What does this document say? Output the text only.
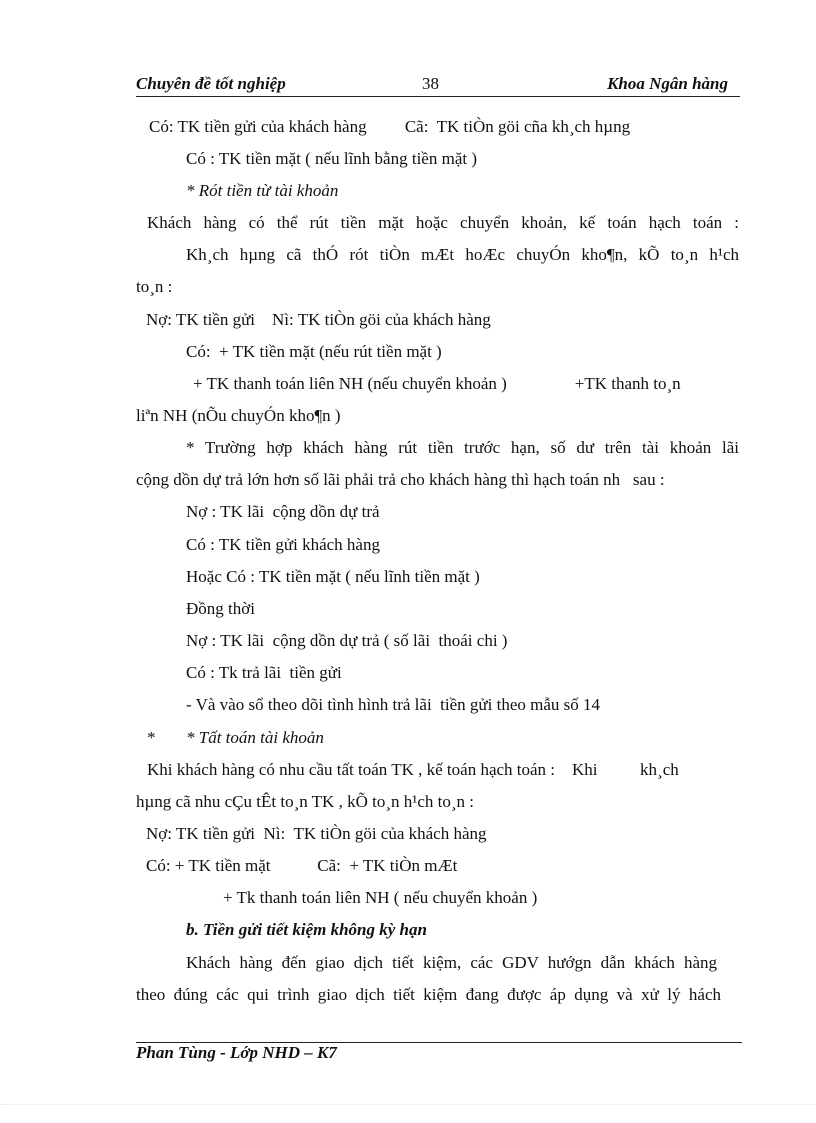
Chuyên đề tốt nghiệp	38	Khoa Ngân hàng
Có: TK tiền gửi của khách hàng         Cã:  TK tiÒn göi cña kh¸ch hµng
Có : TK tiền mặt ( nếu lĩnh bằng tiền mặt )
* Rót tiền từ tài khoản
Khách hàng có thể rút tiền mặt hoặc chuyển khoản, kế toán hạch toán :
Kh¸ch hµng cã thÓ rót tiÒn mÆt hoÆc chuyÓn kho¶n, kÕ to¸n h¹ch
to¸n :
Nợ: TK tiền gửi    Nì: TK tiÒn göi của khách hàng
Có:  + TK tiền mặt (nếu rút tiền mặt )
+ TK thanh toán liên NH (nếu chuyển khoản )                +TK thanh to¸n
liªn NH (nÕu chuyÓn kho¶n )
* Trường hợp khách hàng rút tiền trước hạn, số dư trên tài khoản lãi
cộng dồn dự trả lớn hơn số lãi phải trả cho khách hàng thì hạch toán nh   sau :
Nợ : TK lãi  cộng dồn dự trả
Có : TK tiền gửi khách hàng
Hoặc Có : TK tiền mặt ( nếu lĩnh tiền mặt )
Đồng thời
Nợ : TK lãi  cộng dồn dự trả ( số lãi  thoái chi )
Có : Tk trả lãi  tiền gửi
- Và vào sổ theo dõi tình hình trả lãi  tiền gửi theo mẫu số 14
* * Tất toán tài khoản
Khi khách hàng có nhu cầu tất toán TK , kế toán hạch toán :    Khi          kh¸ch
hµng cã nhu cÇu tÊt to¸n TK , kÕ to¸n h¹ch to¸n :
Nợ: TK tiền gửi  Nì:  TK tiÒn göi của khách hàng
Có: + TK tiền mặt           Cã:  + TK tiÒn mÆt
+ Tk thanh toán liên NH ( nếu chuyển khoản )
b. Tiền gửi tiết kiệm không kỳ hạn
Khách hàng đến giao dịch tiết kiệm, các GDV hướgn dẫn khách hàng
theo đúng các qui trình giao dịch tiết kiệm đang được áp dụng và xử lý hách
Phan Tùng - Lớp NHD – K7
